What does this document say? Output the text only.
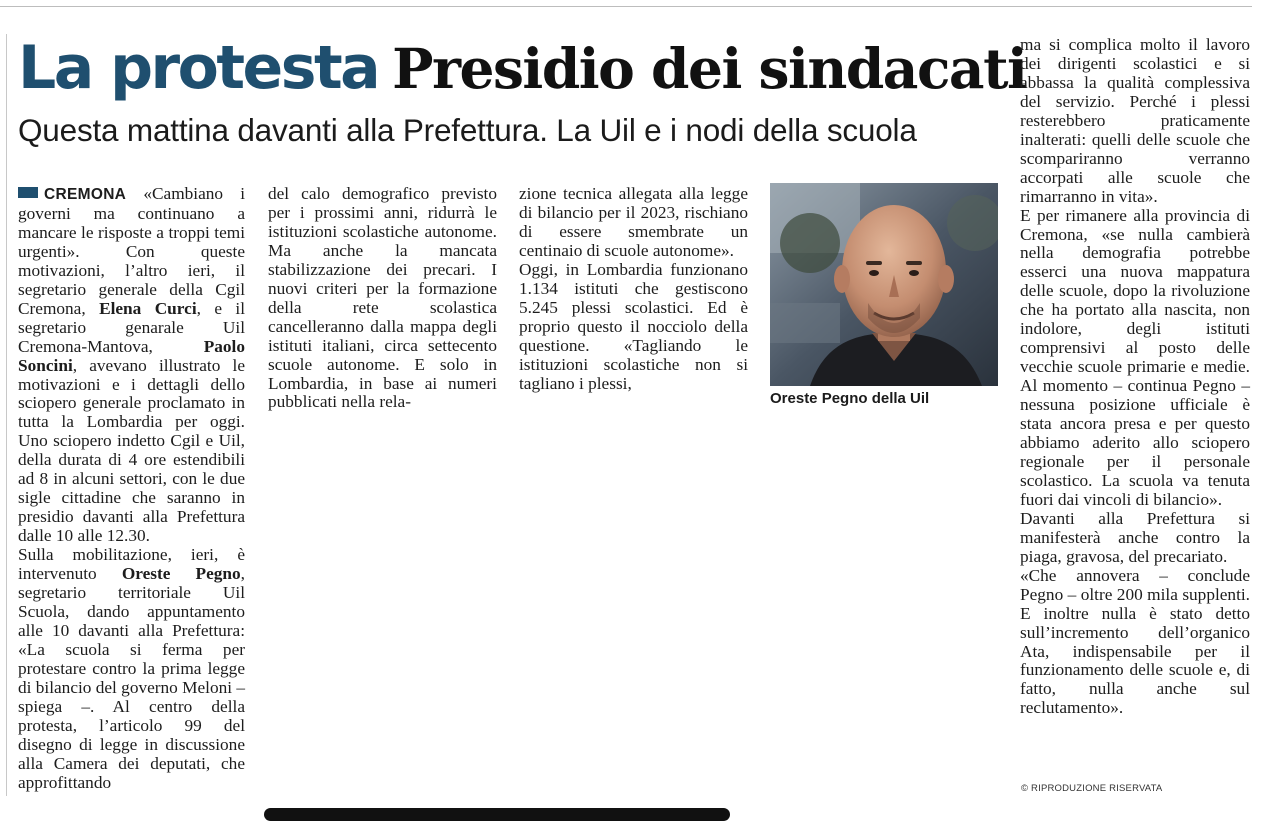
La protesta Presidio dei sindacati
Questa mattina davanti alla Prefettura. La Uil e i nodi della scuola

CREMONA «Cambiano i governi ma continuano a mancare le risposte a troppi temi urgenti». Con queste motivazioni, l’altro ieri, il segretario generale della Cgil Cremona, Elena Curci, e il segretario genarale Uil Cremona-Mantova,	Paolo Soncini, avevano illustrato le motivazioni e i dettagli dello sciopero generale proclamato in tutta la Lombardia per oggi. Uno sciopero indetto Cgil e Uil, della durata di 4 ore estendibili ad 8 in alcuni settori, con le due sigle cittadine che saranno in presidio davanti alla Prefettura dalle 10 alle 12.30.

Sulla mobilitazione, ieri, è intervenuto Oreste Pegno, segretario territoriale Uil Scuola, dando appuntamento alle 10 davanti alla Prefettura: «La scuola si ferma per protestare contro la prima legge di bilancio del governo Meloni – spiega –. Al centro della protesta, l’articolo 99 del disegno di legge in discussione alla Camera dei deputati, che approfittando

del calo demografico previsto per i prossimi anni, ridurrà le istituzioni scolastiche autonome. Ma anche la mancata stabilizzazione dei precari. I nuovi criteri per la formazione della rete scolastica cancelleranno dalla mappa degli istituti italiani, circa settecento scuole autonome. E solo in Lombardia, in base ai numeri pubblicati nella rela-

zione tecnica allegata alla legge di bilancio per il 2023, rischiano di essere smembrate un centinaio di scuole autonome».

Oggi, in Lombardia funzionano 1.134 istituti che gestiscono 5.245 plessi scolastici. Ed è proprio questo il nocciolo della questione. «Tagliando le istituzioni scolastiche non si tagliano i plessi,

Oreste Pegno della Uil

ma si complica molto il lavoro dei dirigenti scolastici e si abbassa la qualità complessiva del servizio. Perché i plessi resterebbero praticamente inalterati: quelli delle scuole che scompariranno verranno accorpati alle scuole che rimarranno in vita».

E per rimanere alla provincia di Cremona, «se nulla cambierà nella demografia potrebbe esserci una nuova mappatura delle scuole, dopo la rivoluzione che ha portato alla nascita, non indolore, degli istituti comprensivi al posto delle vecchie scuole primarie e medie. Al momento – continua Pegno – nessuna posizione ufficiale è stata ancora presa e per questo abbiamo aderito allo sciopero regionale per il personale scolastico. La scuola va tenuta fuori dai vincoli di bilancio».

Davanti alla Prefettura si manifesterà anche contro la piaga, gravosa, del precariato.

«Che annovera – conclude Pegno – oltre 200 mila supplenti. E inoltre nulla è stato detto sull’incremento dell’organico Ata, indispensabile per il funzionamento delle scuole e, di fatto, nulla anche sul reclutamento».

© RIPRODUZIONE RISERVATA
